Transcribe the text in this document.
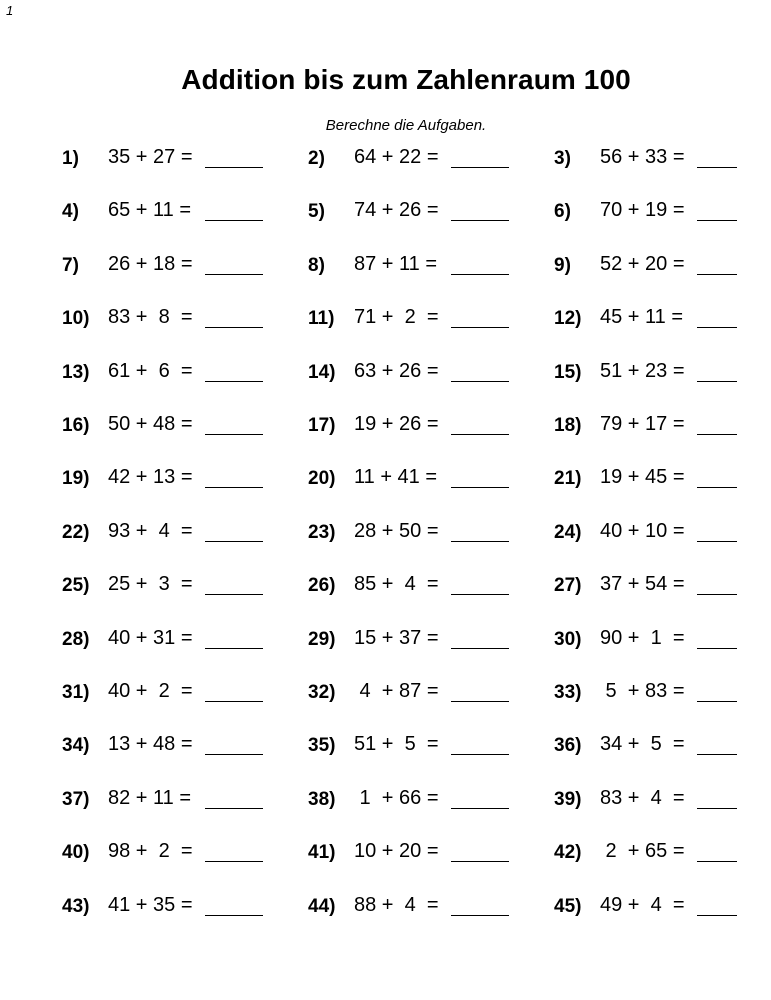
1
Addition bis zum Zahlenraum 100
Berechne die Aufgaben.
1) 35 + 27 =	2) 64 + 22 =	3) 56 + 33 =
4) 65 + 11 =	5) 74 + 26 =	6) 70 + 19 =
7) 26 + 18 =	8) 87 + 11 =	9) 52 + 20 =
10) 83 +  8  =	11) 71 +  2  =	12) 45 + 11 =
13) 61 +  6  =	14) 63 + 26 =	15) 51 + 23 =
16) 50 + 48 =	17) 19 + 26 =	18) 79 + 17 =
19) 42 + 13 =	20) 11 + 41 =	21) 19 + 45 =
22) 93 +  4  =	23) 28 + 50 =	24) 40 + 10 =
25) 25 +  3  =	26) 85 +  4  =	27) 37 + 54 =
28) 40 + 31 =	29) 15 + 37 =	30) 90 +  1  =
31) 40 +  2  =	32) 4  + 87 =	33) 5  + 83 =
34) 13 + 48 =	35) 51 +  5  =	36) 34 +  5  =
37) 82 + 11 =	38) 1  + 66 =	39) 83 +  4  =
40) 98 +  2  =	41) 10 + 20 =	42) 2  + 65 =
43) 41 + 35 =	44) 88 +  4  =	45) 49 +  4  =
